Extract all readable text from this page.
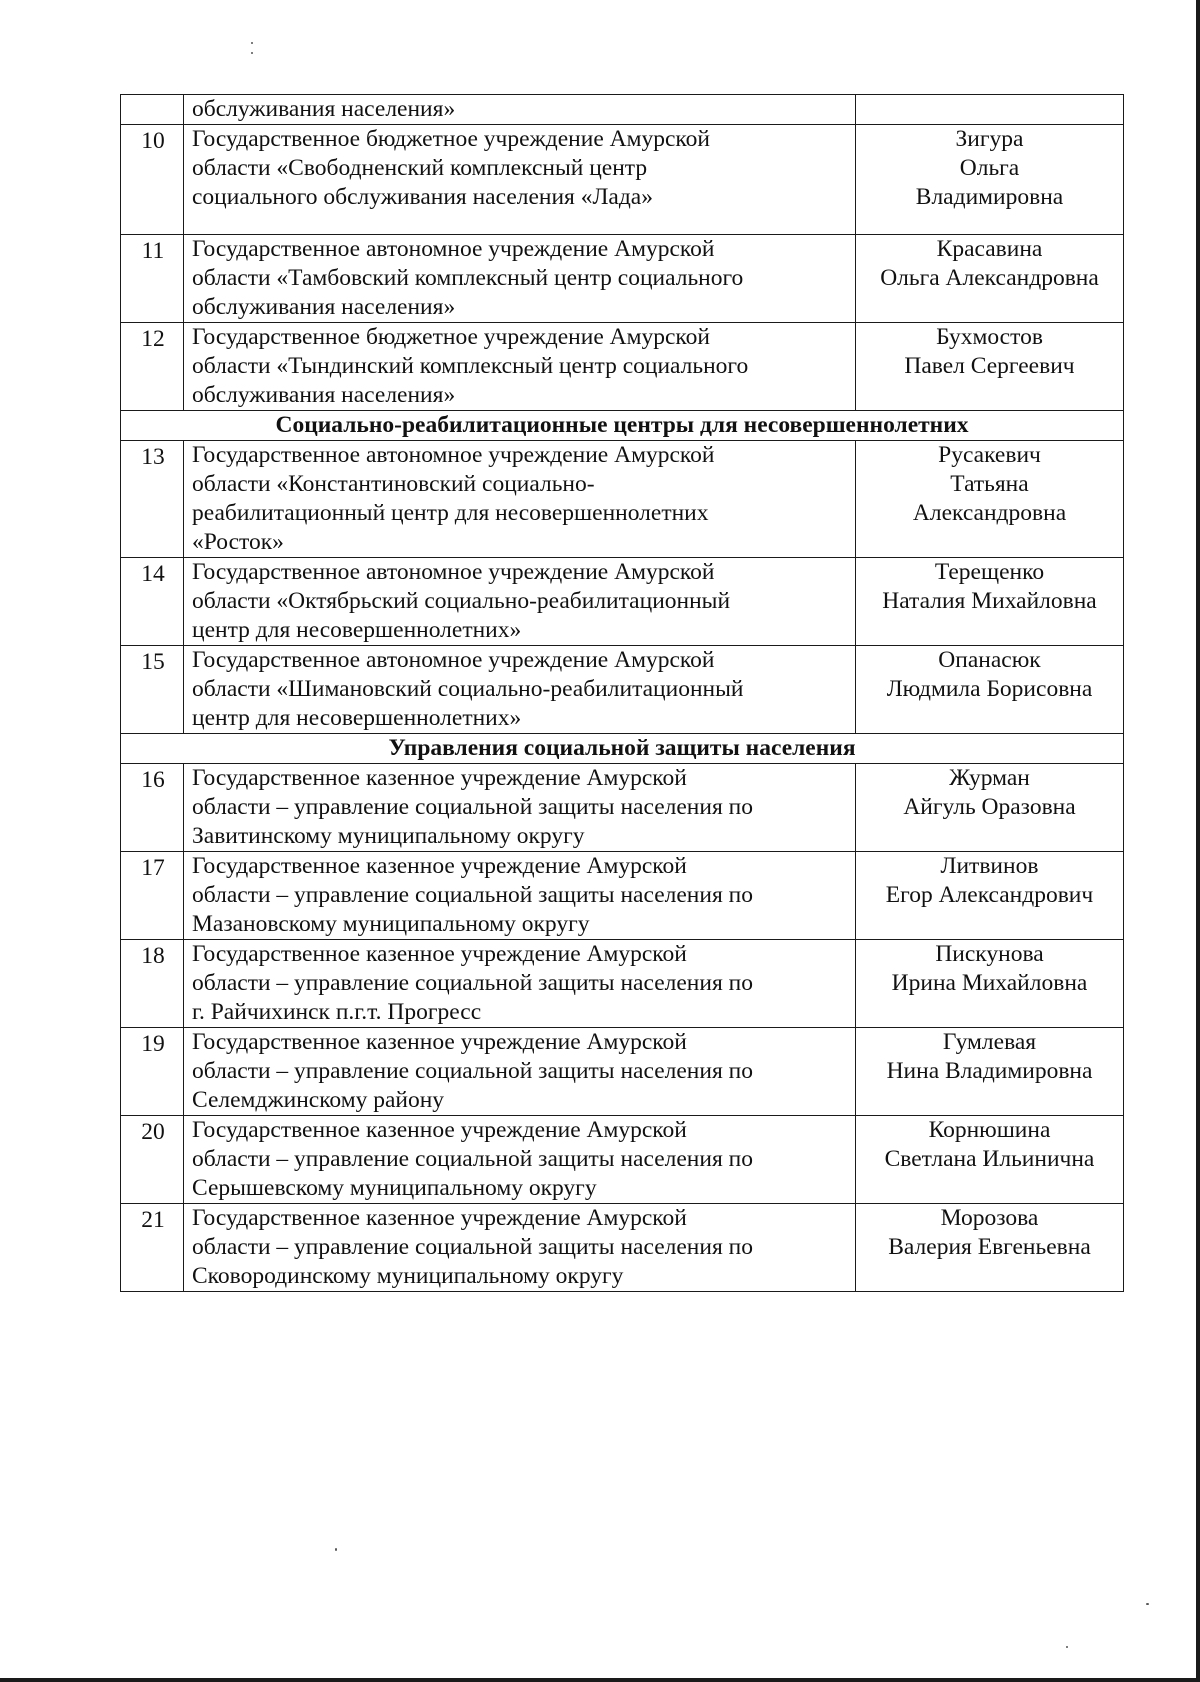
	обслуживания населения»	

10	Государственное бюджетное учреждение Амурской
области «Свободненский комплексный центр
социального обслуживания населения «Лада»	Зигура
Ольга
Владимировна

11	Государственное автономное учреждение Амурской
области «Тамбовский комплексный центр социального
обслуживания населения»	Красавина
Ольга Александровна

12	Государственное бюджетное учреждение Амурской
области «Тындинский комплексный центр социального
обслуживания населения»	Бухмостов
Павел Сергеевич

Социально-реабилитационные центры для несовершеннолетних		
13	Государственное автономное учреждение Амурской
области «Константиновский социально-
реабилитационный центр для несовершеннолетних
«Росток»	Русакевич
Татьяна
Александровна

14	Государственное автономное учреждение Амурской
области «Октябрьский социально-реабилитационный
центр для несовершеннолетних»	Терещенко
Наталия Михайловна

15	Государственное автономное учреждение Амурской
области «Шимановский социально-реабилитационный
центр для несовершеннолетних»	Опанасюк
Людмила Борисовна

Управления социальной защиты населения		
16	Государственное казенное учреждение Амурской
области – управление социальной защиты населения по
Завитинскому муниципальному округу	Журман
Айгуль Оразовна

17	Государственное казенное учреждение Амурской
области – управление социальной защиты населения по
Мазановскому муниципальному округу	Литвинов
Егор Александрович

18	Государственное казенное учреждение Амурской
области – управление социальной защиты населения по
г. Райчихинск п.г.т. Прогресс	Пискунова
Ирина Михайловна

19	Государственное казенное учреждение Амурской
области – управление социальной защиты населения по
Селемджинскому району	Гумлевая
Нина Владимировна

20	Государственное казенное учреждение Амурской
области – управление социальной защиты населения по
Серышевскому муниципальному округу	Корнюшина
Светлана Ильинична

21	Государственное казенное учреждение Амурской
области – управление социальной защиты населения по
Сковородинскому муниципальному округу	Морозова
Валерия Евгеньевна
